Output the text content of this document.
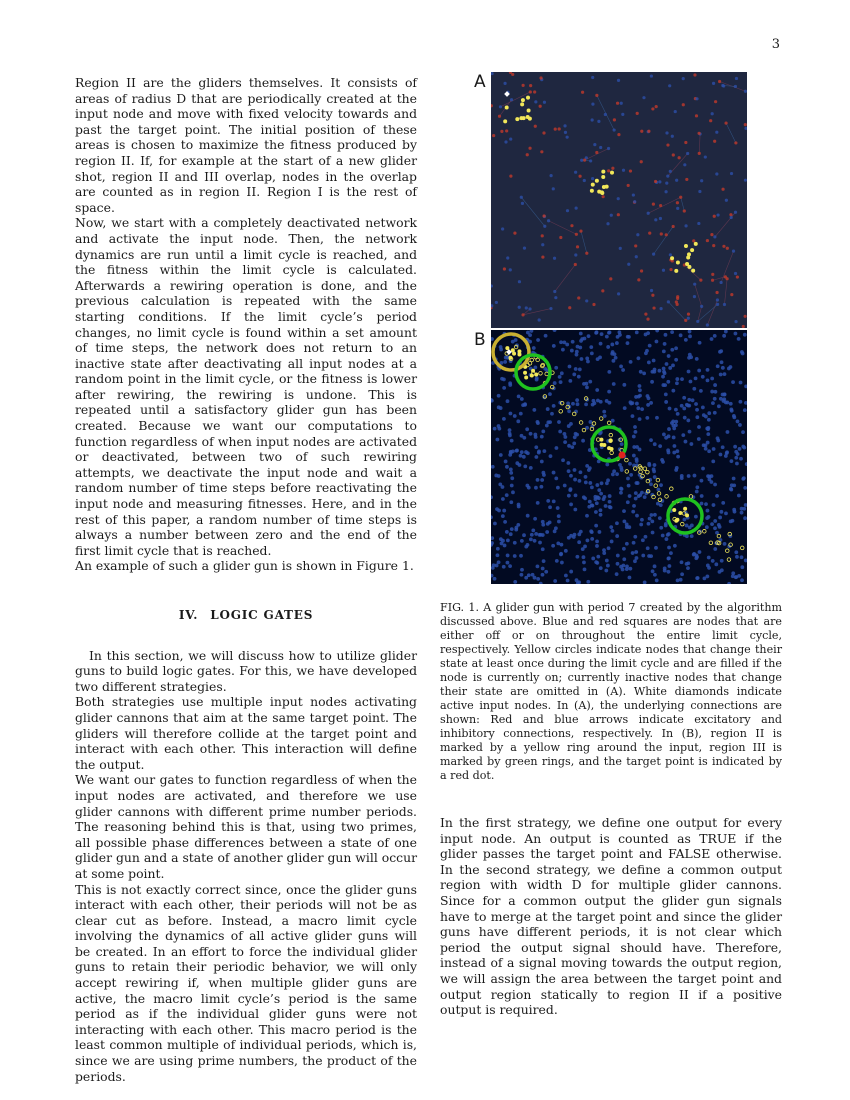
3

Region II are the gliders themselves. It consists of areas of radius D that are periodically created at the input node and move with fixed velocity towards and past the target point. The initial position of these areas is chosen to maximize the fitness produced by region II. If, for example at the start of a new glider shot, region II and III overlap, nodes in the overlap are counted as in region II. Region I is the rest of space.

Now, we start with a completely deactivated network and activate the input node. Then, the network dynamics are run until a limit cycle is reached, and the fitness within the limit cycle is calculated. Afterwards a rewiring operation is done, and the previous calculation is repeated with the same starting conditions. If the limit cycle’s period changes, no limit cycle is found within a set amount of time steps, the network does not return to an inactive state after deactivating all input nodes at a random point in the limit cycle, or the fitness is lower after rewiring, the rewiring is undone. This is repeated until a satisfactory glider gun has been created. Because we want our computations to function regardless of when input nodes are activated or deactivated, between two of such rewiring attempts, we deactivate the input node and wait a random number of time steps before reactivating the input node and measuring fitnesses. Here, and in the rest of this paper, a random number of time steps is always a number between zero and the end of the first limit cycle that is reached.

An example of such a glider gun is shown in Figure 1.

IV. LOGIC GATES

In this section, we will discuss how to utilize glider guns to build logic gates. For this, we have developed two different strategies.

Both strategies use multiple input nodes activating glider cannons that aim at the same target point. The gliders will therefore collide at the target point and interact with each other. This interaction will define the output.

We want our gates to function regardless of when the input nodes are activated, and therefore we use glider cannons with different prime number periods. The reasoning behind this is that, using two primes, all possible phase differences between a state of one glider gun and a state of another glider gun will occur at some point.

This is not exactly correct since, once the glider guns interact with each other, their periods will not be as clear cut as before. Instead, a macro limit cycle involving the dynamics of all active glider guns will be created. In an effort to force the individual glider guns to retain their periodic behavior, we will only accept rewiring if, when multiple glider guns are active, the macro limit cycle’s period is the same period as if the individual glider guns were not interacting with each other. This macro period is the least common multiple of individual periods, which is, since we are using prime numbers, the product of the periods.

A
B

FIG. 1. A glider gun with period 7 created by the algorithm discussed above. Blue and red squares are nodes that are either off or on throughout the entire limit cycle, respectively. Yellow circles indicate nodes that change their state at least once during the limit cycle and are filled if the node is currently on; currently inactive nodes that change their state are omitted in (A). White diamonds indicate active input nodes. In (A), the underlying connections are shown: Red and blue arrows indicate excitatory and inhibitory connections, respectively. In (B), region II is marked by a yellow ring around the input, region III is marked by green rings, and the target point is indicated by a red dot.

In the first strategy, we define one output for every input node. An output is counted as TRUE if the glider passes the target point and FALSE otherwise. In the second strategy, we define a common output region with width D for multiple glider cannons. Since for a common output the glider gun signals have to merge at the target point and since the glider guns have different periods, it is not clear which period the output signal should have. Therefore, instead of a signal moving towards the output region, we will assign the area between the target point and output region statically to region II if a positive output is required.
